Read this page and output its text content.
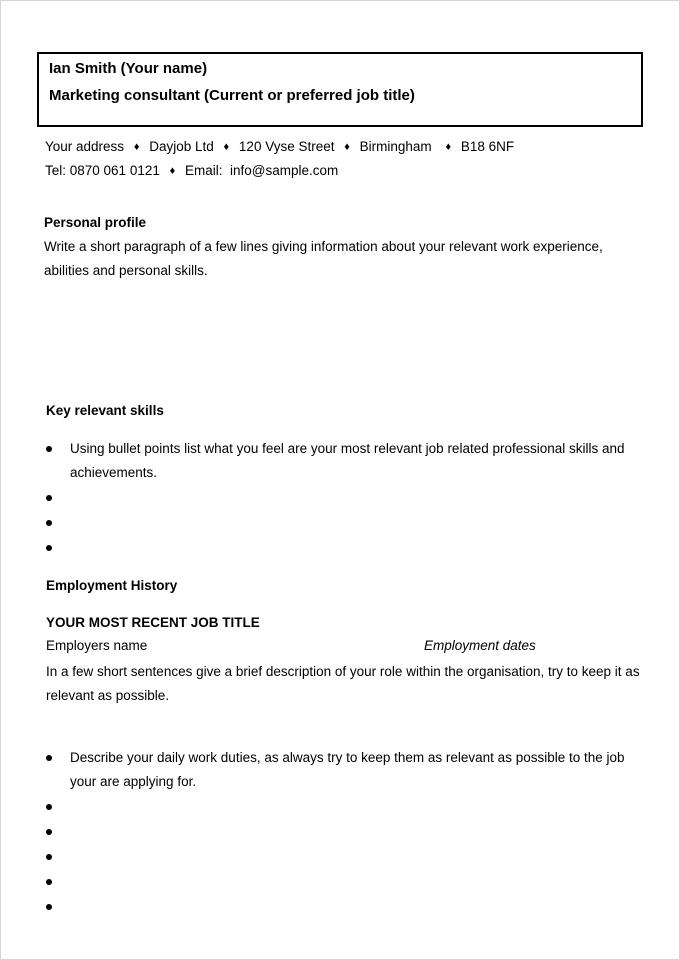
Ian Smith (Your name)
Marketing consultant (Current or preferred job title)
Your address ♦ Dayjob Ltd ♦ 120 Vyse Street ♦ Birmingham ♦ B18 6NF
Tel: 0870 061 0121 ♦ Email:  info@sample.com
Personal profile
Write a short paragraph of a few lines giving information about your relevant work experience, abilities and personal skills.
Key relevant skills
Using bullet points list what you feel are your most relevant job related professional skills and achievements.
Employment History
YOUR MOST RECENT JOB TITLE
Employers name	Employment dates
In a few short sentences give a brief description of your role within the organisation, try to keep it as relevant as possible.
Describe your daily work duties, as always try to keep them as relevant as possible to the job your are applying for.
